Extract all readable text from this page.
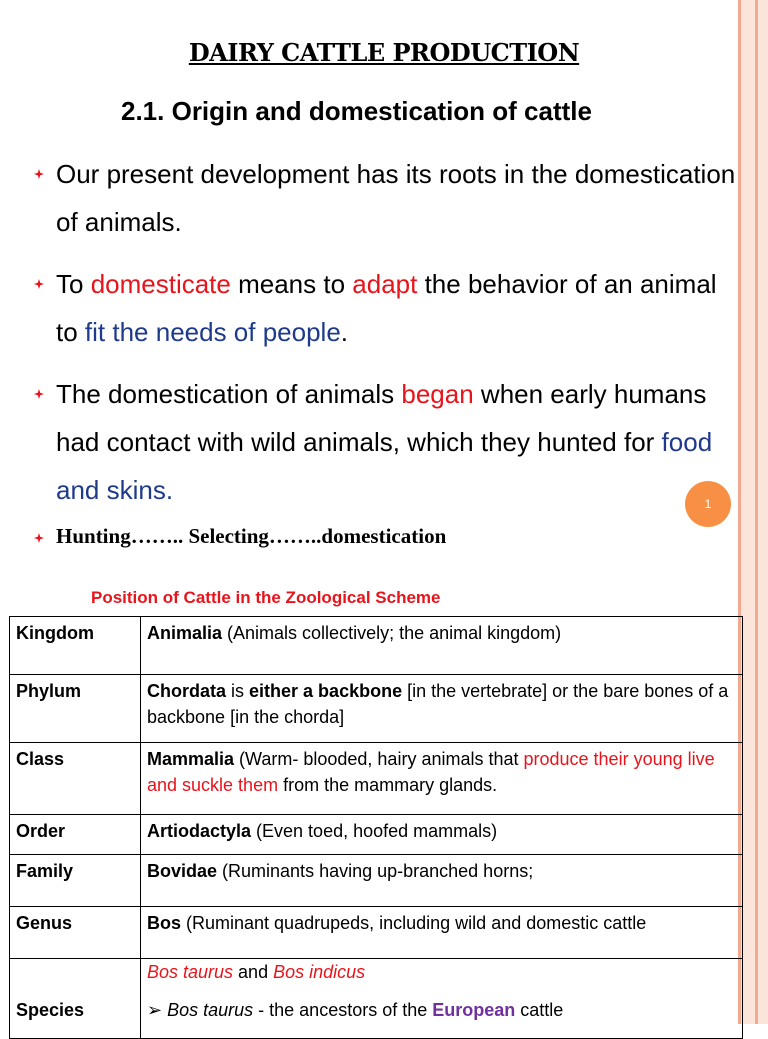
DAIRY CATTLE PRODUCTION
2.1. Origin and domestication of cattle
Our present development has its roots in the domestication of animals.
To domesticate means to adapt the behavior of an animal to fit the needs of people.
The domestication of animals began when early humans had contact with wild animals, which they hunted for food and skins.
Hunting…….. Selecting……..domestication
1
Position of Cattle in the Zoological Scheme
Kingdom	Animalia (Animals collectively; the animal kingdom)
Phylum	Chordata is either a backbone [in the vertebrate] or the bare bones of a backbone [in the chorda]
Class	Mammalia (Warm- blooded, hairy animals that produce their young live and suckle them from the mammary glands.
Order	Artiodactyla (Even toed, hoofed mammals)
Family	Bovidae (Ruminants having up-branched horns;
Genus	Bos (Ruminant quadrupeds, including wild and domestic cattle
Species	Bos taurus and Bos indicus
➢ Bos taurus - the ancestors of the European cattle
